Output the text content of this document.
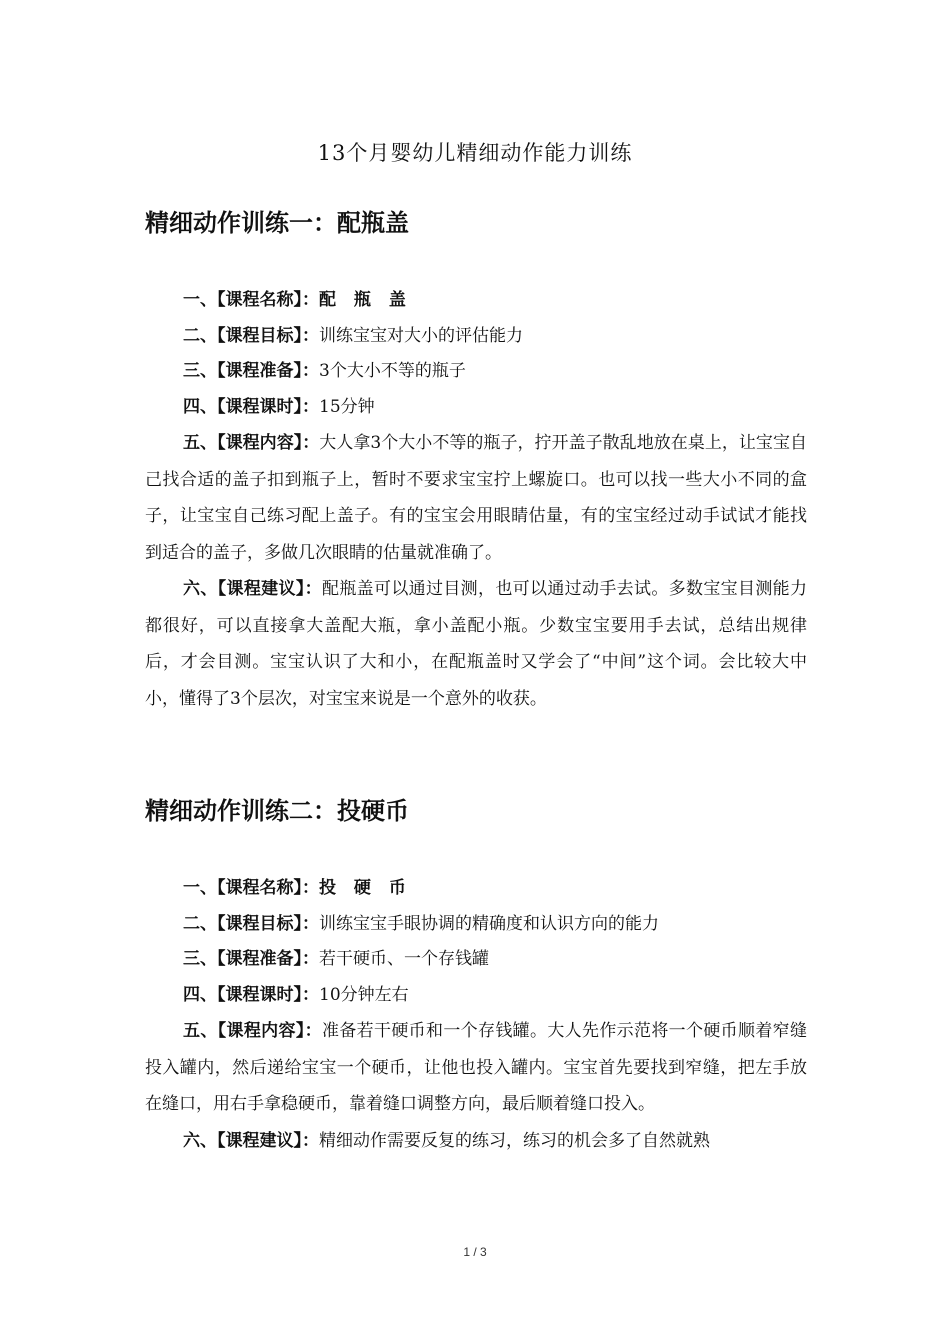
13个月婴幼儿精细动作能力训练
精细动作训练一：配瓶盖
一、【课程名称】：配 瓶 盖
二、【课程目标】：训练宝宝对大小的评估能力
三、【课程准备】：3个大小不等的瓶子
四、【课程课时】：15分钟

五、【课程内容】：大人拿3个大小不等的瓶子，拧开盖子散乱地放在桌上，让宝宝自己找合适的盖子扣到瓶子上，暂时不要求宝宝拧上螺旋口。也可以找一些大小不同的盒子，让宝宝自己练习配上盖子。有的宝宝会用眼睛估量，有的宝宝经过动手试试才能找到适合的盖子，多做几次眼睛的估量就准确了。

六、【课程建议】：配瓶盖可以通过目测，也可以通过动手去试。多数宝宝目测能力都很好，可以直接拿大盖配大瓶，拿小盖配小瓶。少数宝宝要用手去试，总结出规律后，才会目测。宝宝认识了大和小，在配瓶盖时又学会了“中间”这个词。会比较大中小，懂得了3个层次，对宝宝来说是一个意外的收获。

精细动作训练二：投硬币
一、【课程名称】：投 硬 币
二、【课程目标】：训练宝宝手眼协调的精确度和认识方向的能力
三、【课程准备】：若干硬币、一个存钱罐
四、【课程课时】：10分钟左右

五、【课程内容】：准备若干硬币和一个存钱罐。大人先作示范将一个硬币顺着窄缝投入罐内，然后递给宝宝一个硬币，让他也投入罐内。宝宝首先要找到窄缝，把左手放在缝口，用右手拿稳硬币，靠着缝口调整方向，最后顺着缝口投入。

六、【课程建议】：精细动作需要反复的练习，练习的机会多了自然就熟

1 / 3
